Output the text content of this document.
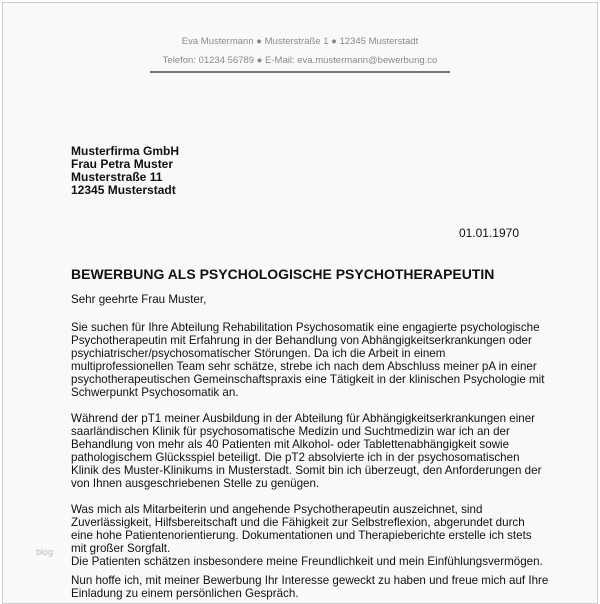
Eva Mustermann ● Musterstraße 1 ● 12345 Musterstadt
Telefon: 01234 56789 ● E-Mail: eva.mustermann@bewerbung.co
Musterfirma GmbH
Frau Petra Muster
Musterstraße 11
12345 Musterstadt
01.01.1970
BEWERBUNG ALS PSYCHOLOGISCHE PSYCHOTHERAPEUTIN
Sehr geehrte Frau Muster,
Sie suchen für Ihre Abteilung Rehabilitation Psychosomatik eine engagierte psychologische
Psychotherapeutin mit Erfahrung in der Behandlung von Abhängigkeitserkrankungen oder
psychiatrischer/psychosomatischer Störungen. Da ich die Arbeit in einem
multiprofessionellen Team sehr schätze, strebe ich nach dem Abschluss meiner pA in einer
psychotherapeutischen Gemeinschaftspraxis eine Tätigkeit in der klinischen Psychologie mit
Schwerpunkt Psychosomatik an.
Während der pT1 meiner Ausbildung in der Abteilung für Abhängigkeitserkrankungen einer
saarländischen Klinik für psychosomatische Medizin und Suchtmedizin war ich an der
Behandlung von mehr als 40 Patienten mit Alkohol- oder Tablettenabhängigkeit sowie
pathologischem Glücksspiel beteiligt. Die pT2 absolvierte ich in der psychosomatischen
Klinik des Muster-Klinikums in Musterstadt. Somit bin ich überzeugt, den Anforderungen der
von Ihnen ausgeschriebenen Stelle zu genügen.
Was mich als Mitarbeiterin und angehende Psychotherapeutin auszeichnet, sind
Zuverlässigkeit, Hilfsbereitschaft und die Fähigkeit zur Selbstreflexion, abgerundet durch
eine hohe Patientenorientierung. Dokumentationen und Therapieberichte erstelle ich stets
mit großer Sorgfalt.
Die Patienten schätzen insbesondere meine Freundlichkeit und mein Einfühlungsvermögen.
Nun hoffe ich, mit meiner Bewerbung Ihr Interesse geweckt zu haben und freue mich auf Ihre
Einladung zu einem persönlichen Gespräch.
blog
